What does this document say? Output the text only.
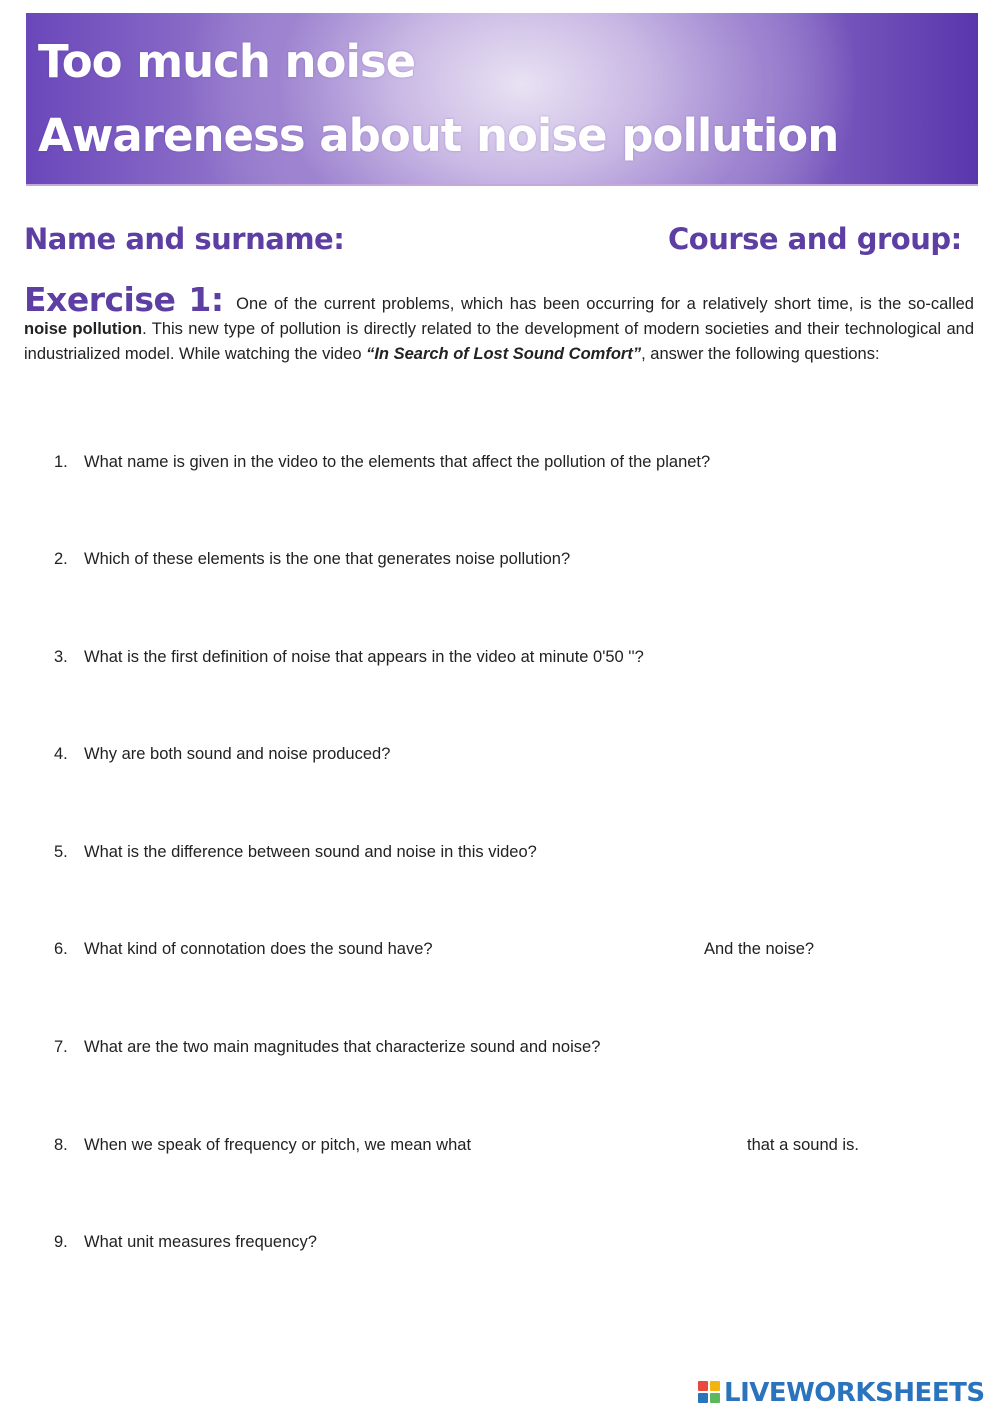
Too much noise
Awareness about noise pollution
Name and surname:	Course and group:
Exercise 1: One of the current problems, which has been occurring for a relatively short time, is the so-called noise pollution. This new type of pollution is directly related to the development of modern societies and their technological and industrialized model. While watching the video “In Search of Lost Sound Comfort”, answer the following questions:
1. What name is given in the video to the elements that affect the pollution of the planet?
2. Which of these elements is the one that generates noise pollution?
3. What is the first definition of noise that appears in the video at minute 0'50 ''?
4. Why are both sound and noise produced?
5. What is the difference between sound and noise in this video?
6. What kind of connotation does the sound have?	And the noise?
7. What are the two main magnitudes that characterize sound and noise?
8. When we speak of frequency or pitch, we mean what	that a sound is.
9. What unit measures frequency?
LIVEWORKSHEETS
